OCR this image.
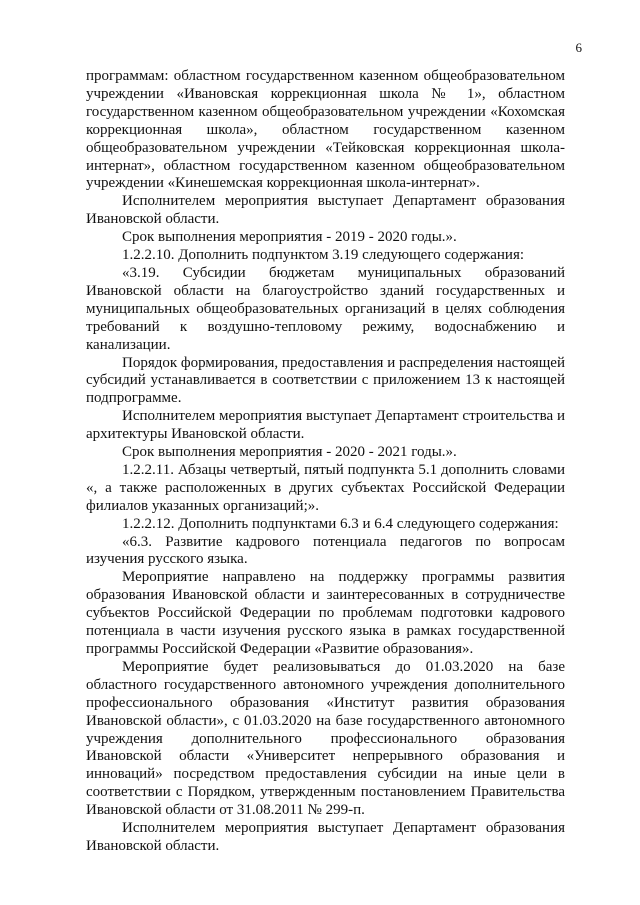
6

программам: областном государственном казенном общеобразовательном учреждении «Ивановская коррекционная школа № 1», областном государственном казенном общеобразовательном учреждении «Кохомская коррекционная школа», областном государственном казенном общеобразовательном учреждении «Тейковская коррекционная школа-интернат», областном государственном казенном общеобразовательном учреждении «Кинешемская коррекционная школа-интернат».

Исполнителем мероприятия выступает Департамент образования Ивановской области.

Срок выполнения мероприятия - 2019 - 2020 годы.».

1.2.2.10. Дополнить подпунктом 3.19 следующего содержания:

«3.19. Субсидии бюджетам муниципальных образований Ивановской области на благоустройство зданий государственных и муниципальных общеобразовательных организаций в целях соблюдения требований к воздушно-тепловому режиму, водоснабжению и канализации.

Порядок формирования, предоставления и распределения настоящей субсидий устанавливается в соответствии с приложением 13 к настоящей подпрограмме.

Исполнителем мероприятия выступает Департамент строительства и архитектуры Ивановской области.

Срок выполнения мероприятия - 2020 - 2021 годы.».

1.2.2.11. Абзацы четвертый, пятый подпункта 5.1 дополнить словами «, а также расположенных в других субъектах Российской Федерации филиалов указанных организаций;».

1.2.2.12. Дополнить подпунктами 6.3 и 6.4 следующего содержания:

«6.3. Развитие кадрового потенциала педагогов по вопросам изучения русского языка.

Мероприятие направлено на поддержку программы развития образования Ивановской области и заинтересованных в сотрудничестве субъектов Российской Федерации по проблемам подготовки кадрового потенциала в части изучения русского языка в рамках государственной программы Российской Федерации «Развитие образования».

Мероприятие будет реализовываться до 01.03.2020 на базе областного государственного автономного учреждения дополнительного профессионального образования «Институт развития образования Ивановской области», с 01.03.2020 на базе государственного автономного учреждения дополнительного профессионального образования Ивановской области «Университет непрерывного образования и инноваций» посредством предоставления субсидии на иные цели в соответствии с Порядком, утвержденным постановлением Правительства Ивановской области от 31.08.2011 № 299-п.

Исполнителем мероприятия выступает Департамент образования Ивановской области.
